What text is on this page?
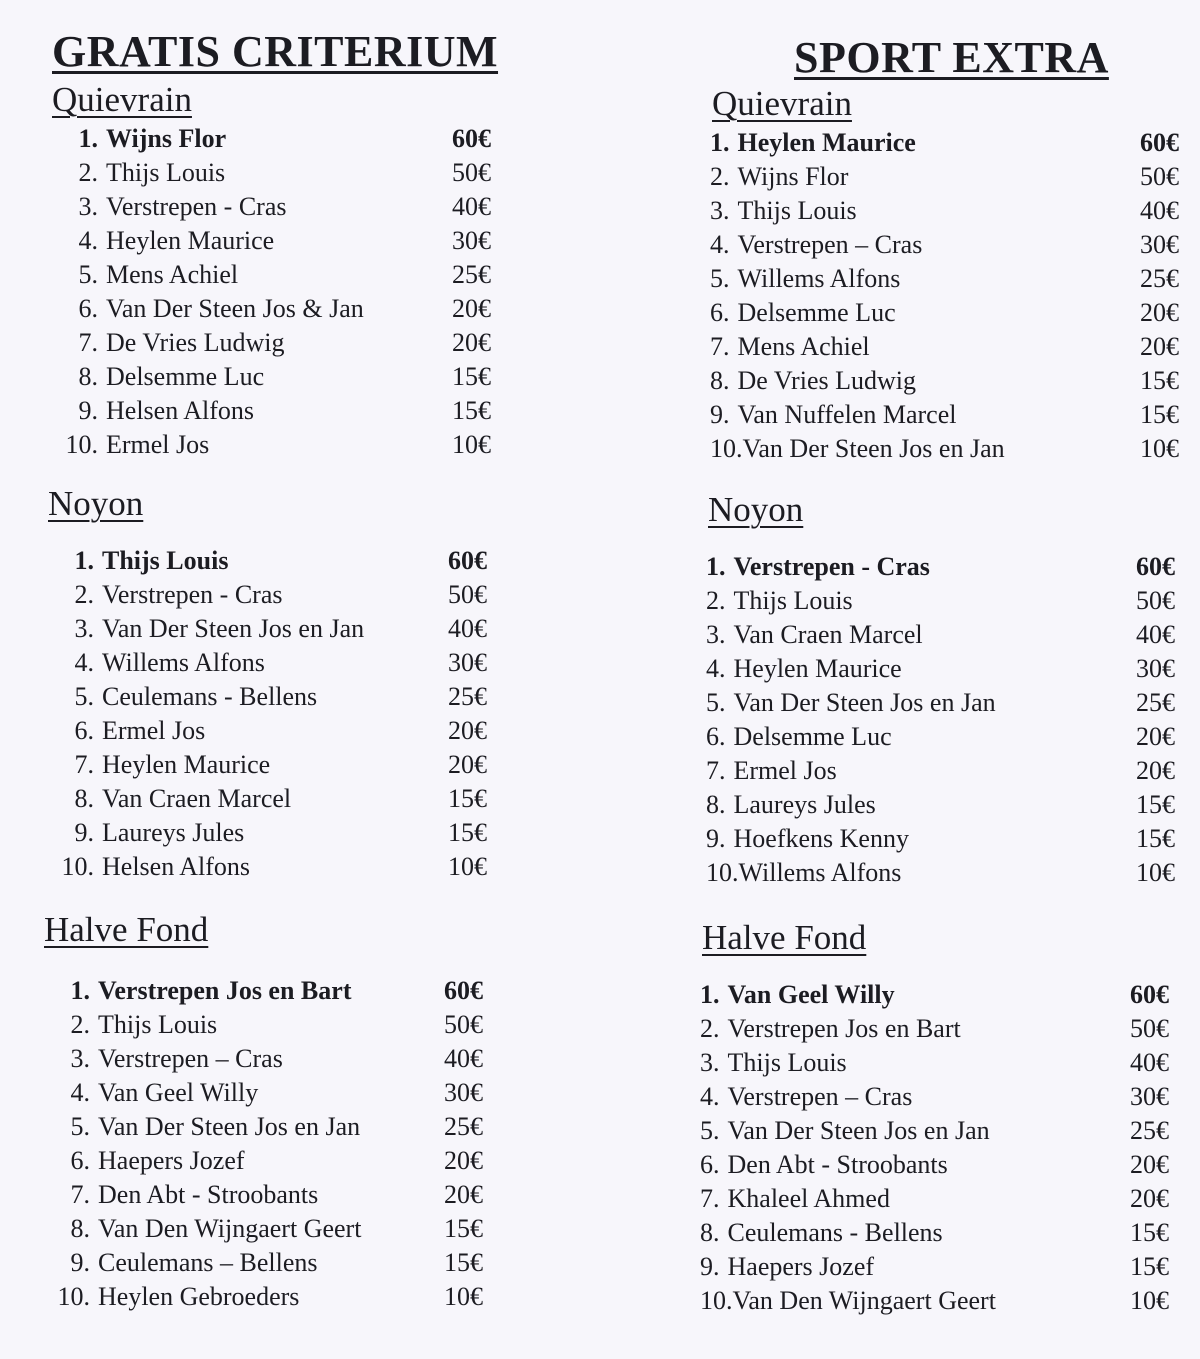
GRATIS CRITERIUM
Quievrain
1. Wijns Flor	60€
2. Thijs Louis	50€
3. Verstrepen - Cras	40€
4. Heylen Maurice	30€
5. Mens Achiel	25€
6. Van Der Steen Jos & Jan	20€
7. De Vries Ludwig	20€
8. Delsemme Luc	15€
9. Helsen Alfons	15€
10. Ermel Jos	10€
Noyon
1. Thijs Louis	60€
2. Verstrepen - Cras	50€
3. Van Der Steen Jos en Jan	40€
4. Willems Alfons	30€
5. Ceulemans - Bellens	25€
6. Ermel Jos	20€
7. Heylen Maurice	20€
8. Van Craen Marcel	15€
9. Laureys Jules	15€
10. Helsen Alfons	10€
Halve Fond
1. Verstrepen Jos en Bart	60€
2. Thijs Louis	50€
3. Verstrepen – Cras	40€
4. Van Geel Willy	30€
5. Van Der Steen Jos en Jan	25€
6. Haepers Jozef	20€
7. Den Abt - Stroobants	20€
8. Van Den Wijngaert Geert	15€
9. Ceulemans – Bellens	15€
10. Heylen Gebroeders	10€
SPORT EXTRA
Quievrain
1. Heylen Maurice	60€
2. Wijns Flor	50€
3. Thijs Louis	40€
4. Verstrepen – Cras	30€
5. Willems Alfons	25€
6. Delsemme Luc	20€
7. Mens Achiel	20€
8. De Vries Ludwig	15€
9. Van Nuffelen Marcel	15€
10.Van Der Steen Jos en Jan	10€
Noyon
1. Verstrepen - Cras	60€
2. Thijs Louis	50€
3. Van Craen Marcel	40€
4. Heylen Maurice	30€
5. Van Der Steen Jos en Jan	25€
6. Delsemme Luc	20€
7. Ermel Jos	20€
8. Laureys Jules	15€
9. Hoefkens Kenny	15€
10.Willems Alfons	10€
Halve Fond
1. Van Geel Willy	60€
2. Verstrepen Jos en Bart	50€
3. Thijs Louis	40€
4. Verstrepen – Cras	30€
5. Van Der Steen Jos en Jan	25€
6. Den Abt - Stroobants	20€
7. Khaleel Ahmed	20€
8. Ceulemans - Bellens	15€
9. Haepers Jozef	15€
10.Van Den Wijngaert Geert	10€
